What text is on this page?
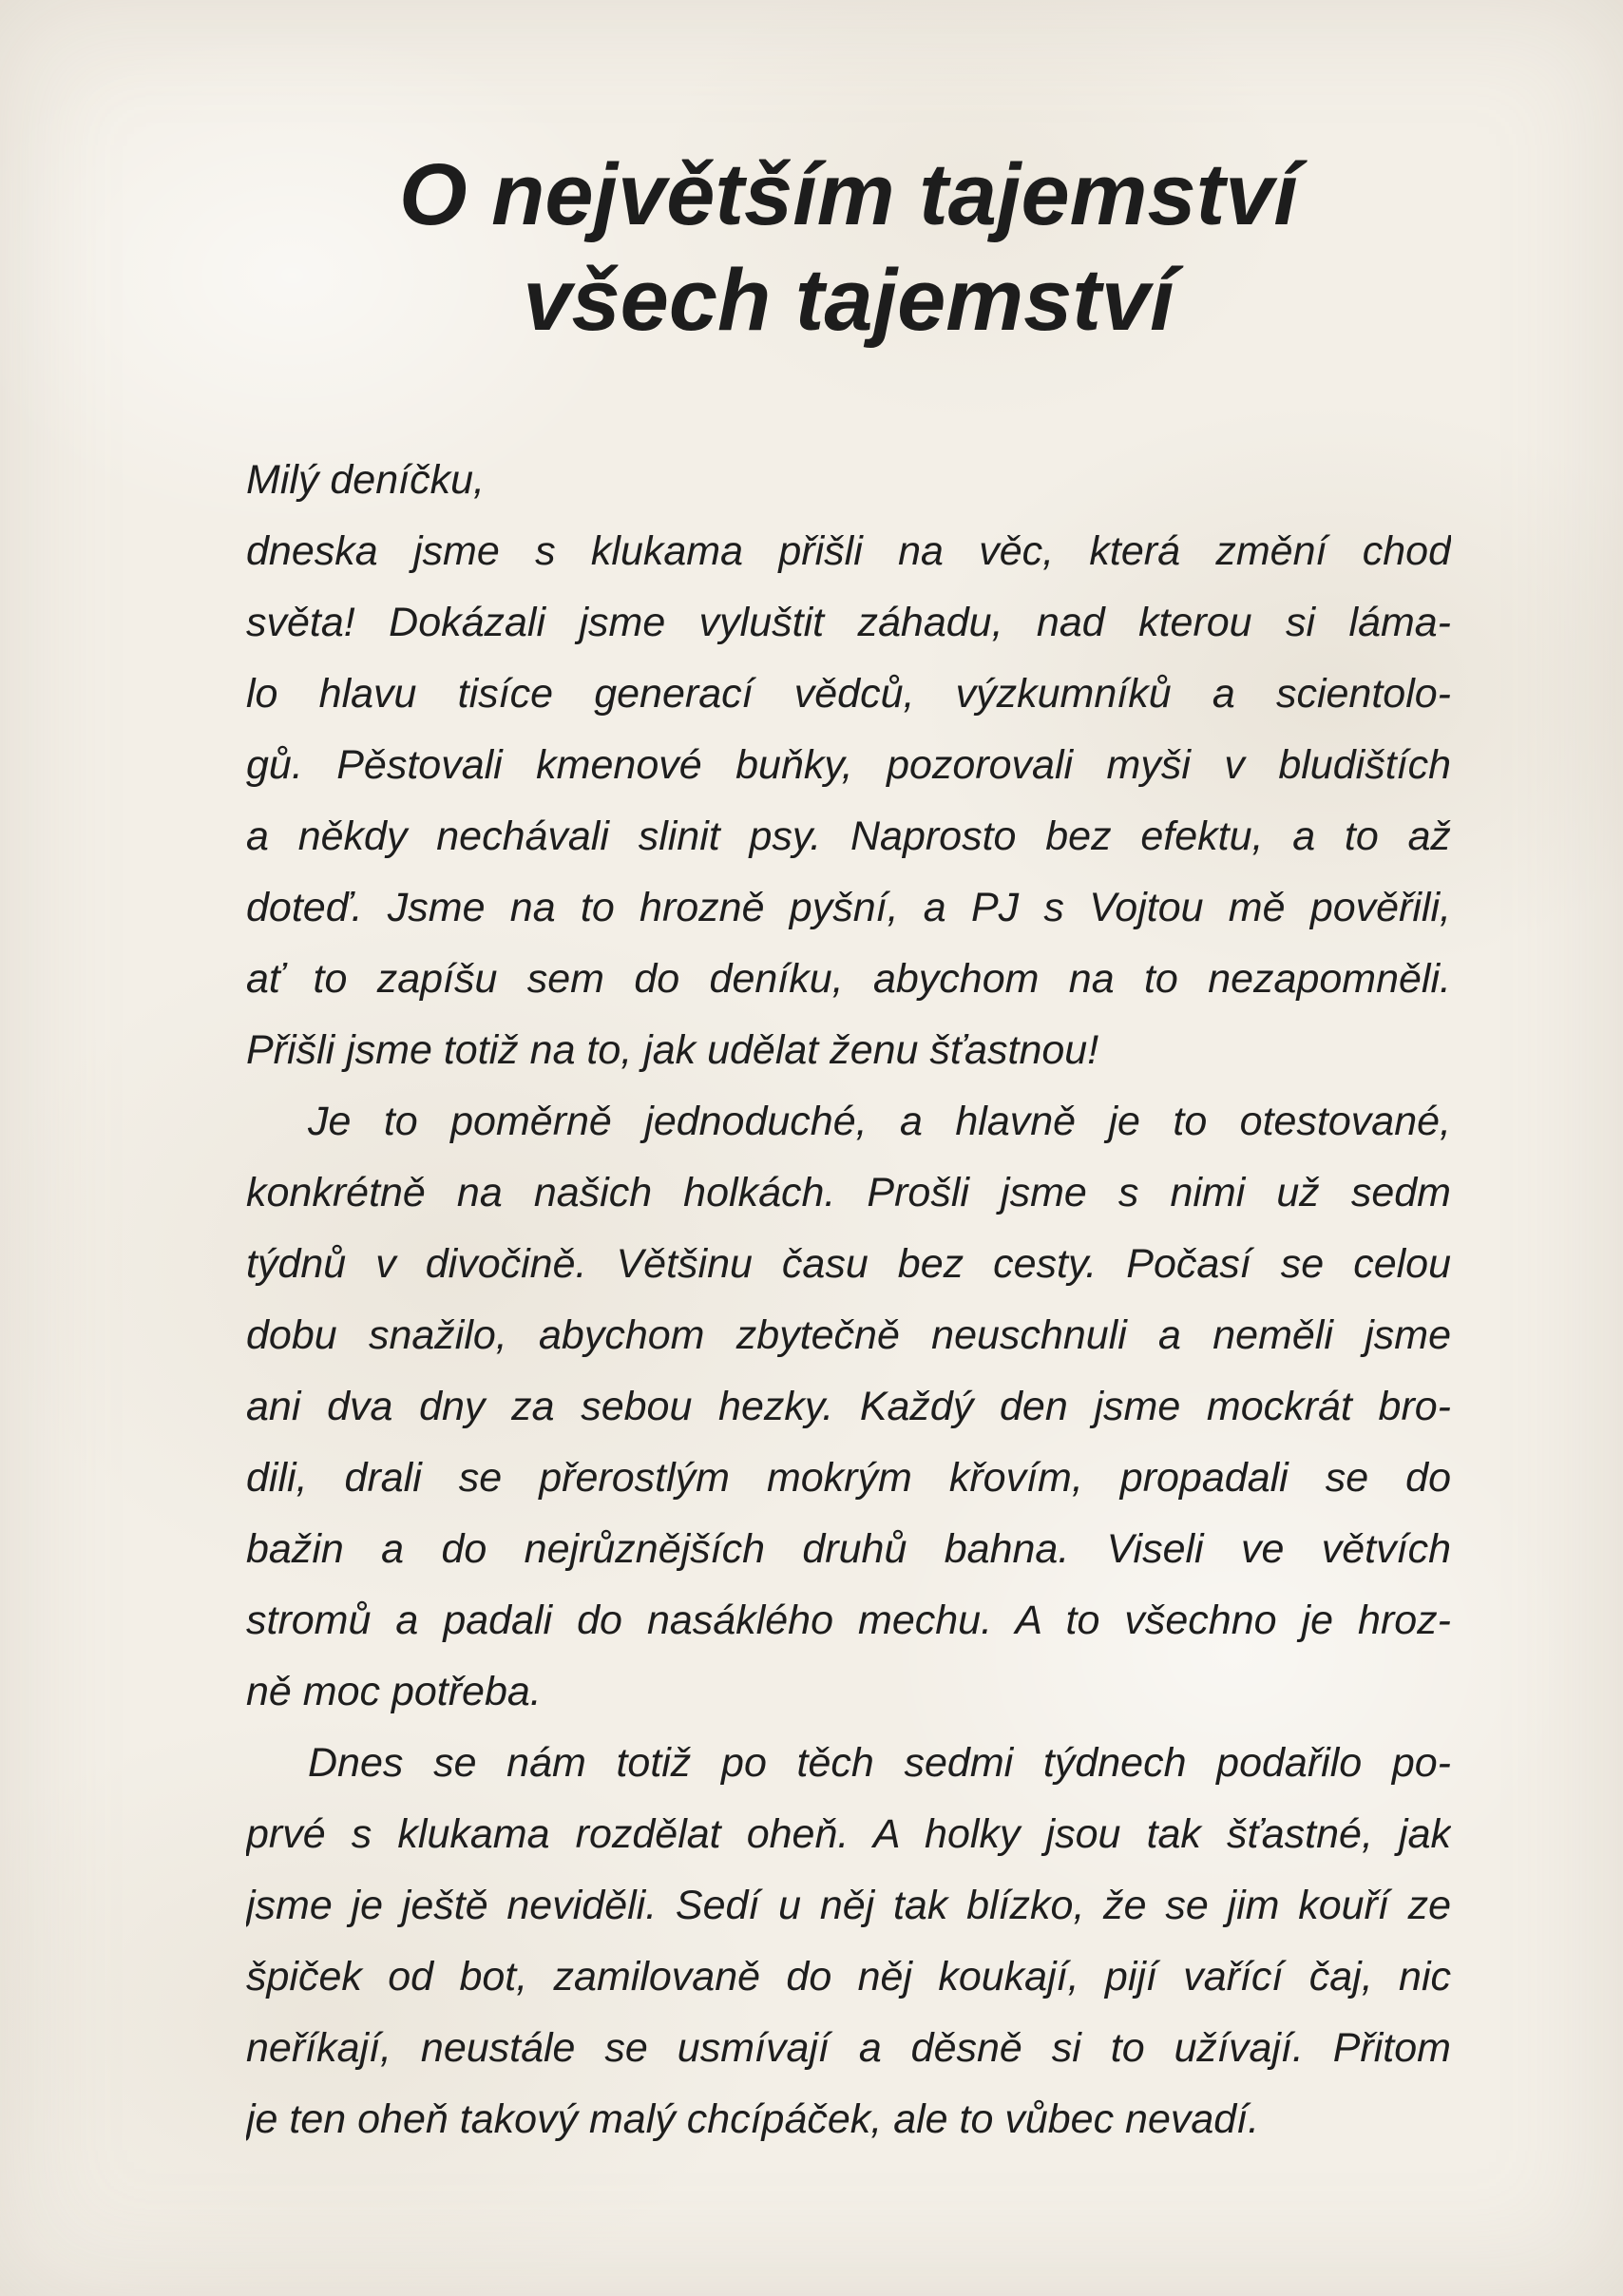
O největším tajemství
všech tajemství
Milý deníčku,
dneska jsme s klukama přišli na věc, která změní chod
světa! Dokázali jsme vyluštit záhadu, nad kterou si láma-
lo hlavu tisíce generací vědců, výzkumníků a scientolo-
gů. Pěstovali kmenové buňky, pozorovali myši v bludištích
a někdy nechávali slinit psy. Naprosto bez efektu, a to až
doteď. Jsme na to hrozně pyšní, a PJ s Vojtou mě pověřili,
ať to zapíšu sem do deníku, abychom na to nezapomněli.
Přišli jsme totiž na to, jak udělat ženu šťastnou!
Je to poměrně jednoduché, a hlavně je to otestované,
konkrétně na našich holkách. Prošli jsme s nimi už sedm
týdnů v divočině. Většinu času bez cesty. Počasí se celou
dobu snažilo, abychom zbytečně neuschnuli a neměli jsme
ani dva dny za sebou hezky. Každý den jsme mockrát bro-
dili, drali se přerostlým mokrým křovím, propadali se do
bažin a do nejrůznějších druhů bahna. Viseli ve větvích
stromů a padali do nasáklého mechu. A to všechno je hroz-
ně moc potřeba.
Dnes se nám totiž po těch sedmi týdnech podařilo po-
prvé s klukama rozdělat oheň. A holky jsou tak šťastné, jak
jsme je ještě neviděli. Sedí u něj tak blízko, že se jim kouří ze
špiček od bot, zamilovaně do něj koukají, pijí vařící čaj, nic
neříkají, neustále se usmívají a děsně si to užívají. Přitom
je ten oheň takový malý chcípáček, ale to vůbec nevadí.
